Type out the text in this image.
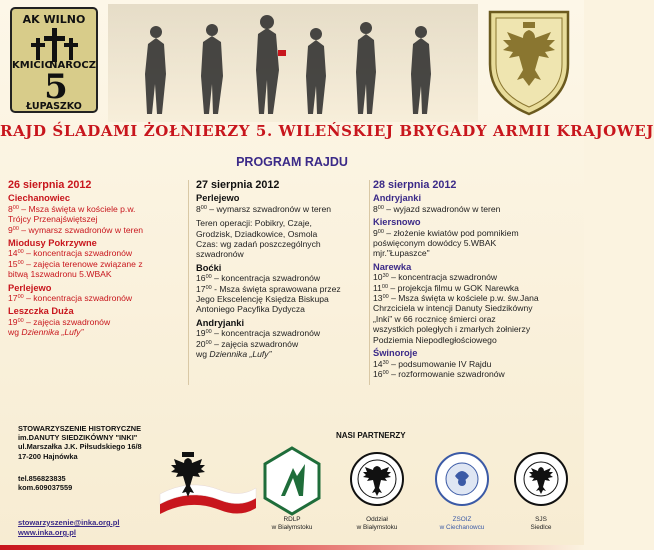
AK WILNO
KMICIC
NAROCZ
5
ŁUPASZKO
RAJD ŚLADAMI ŻOŁNIERZY 5. WILEŃSKIEJ BRYGADY ARMII KRAJOWEJ
PROGRAM RAJDU
26 sierpnia 2012
Ciechanowiec
$8^{00}$ – Msza święta w kościele p.w.
Trójcy Przenajświętszej
$9^{00}$ – wymarsz szwadronów w teren
Miodusy Pokrzywne
$14^{00}$ – koncentracja szwadronów
$15^{00}$ – zajęcia terenowe związane z
bitwą 1szwadronu 5.WBAK
Perlejewo
$17^{00}$ – koncentracja szwadronów
Leszczka Duża
$19^{00}$ – zajęcia szwadronów
wg Dziennika „Lufy”
27 sierpnia 2012
Perlejewo
$8^{00}$ – wymarsz szwadronów w teren
Teren operacji: Pobikry, Czaje,
Grodzisk, Dziadkowice, Osmola
Czas: wg zadań poszczególnych
szwadronów
Boćki
$16^{00}$ – koncentracja szwadronów
$17^{00}$ - Msza święta sprawowana przez
Jego Ekscelencję Księdza Biskupa
Antoniego Pacyfika Dydycza
Andryjanki
$19^{00}$ – koncentracja szwadronów
$20^{00}$ – zajęcia szwadronów
wg Dziennika „Lufy”
28 sierpnia 2012
Andryjanki
$8^{00}$ – wyjazd szwadronów w teren
Kiersnowo
$9^{00}$ – złożenie kwiatów pod pomnikiem
poświęconym dowódcy 5.WBAK
mjr."Łupaszce"
Narewka
$10^{30}$ – koncentracja szwadronów
$11^{00}$ – projekcja filmu w GOK Narewka
$13^{00}$ – Msza święta w kościele p.w. św.Jana
Chrzciciela w intencji Danuty Siedzikówny
„Inki” w 66 rocznicę śmierci oraz
wszystkich poległych i zmarłych żołnierzy
Podziemia Niepodległościowego
Świnoroje
$14^{30}$ – podsumowanie IV Rajdu
$16^{00}$ – rozformowanie szwadronów
STOWARZYSZENIE HISTORYCZNE
im.DANUTY SIEDZIKÓWNY "INKI"
ul.Marszałka J.K. Piłsudskiego 16/8
17-200 Hajnówka
tel.856823835
kom.609037559
stowarzyszenie@inka.org.pl
www.inka.org.pl
NASI PARTNERZY
RDLP
w Białymstoku
Oddział
w Białymstoku
ZSOIZ
w Ciechanowcu
SJS
Siedlce
